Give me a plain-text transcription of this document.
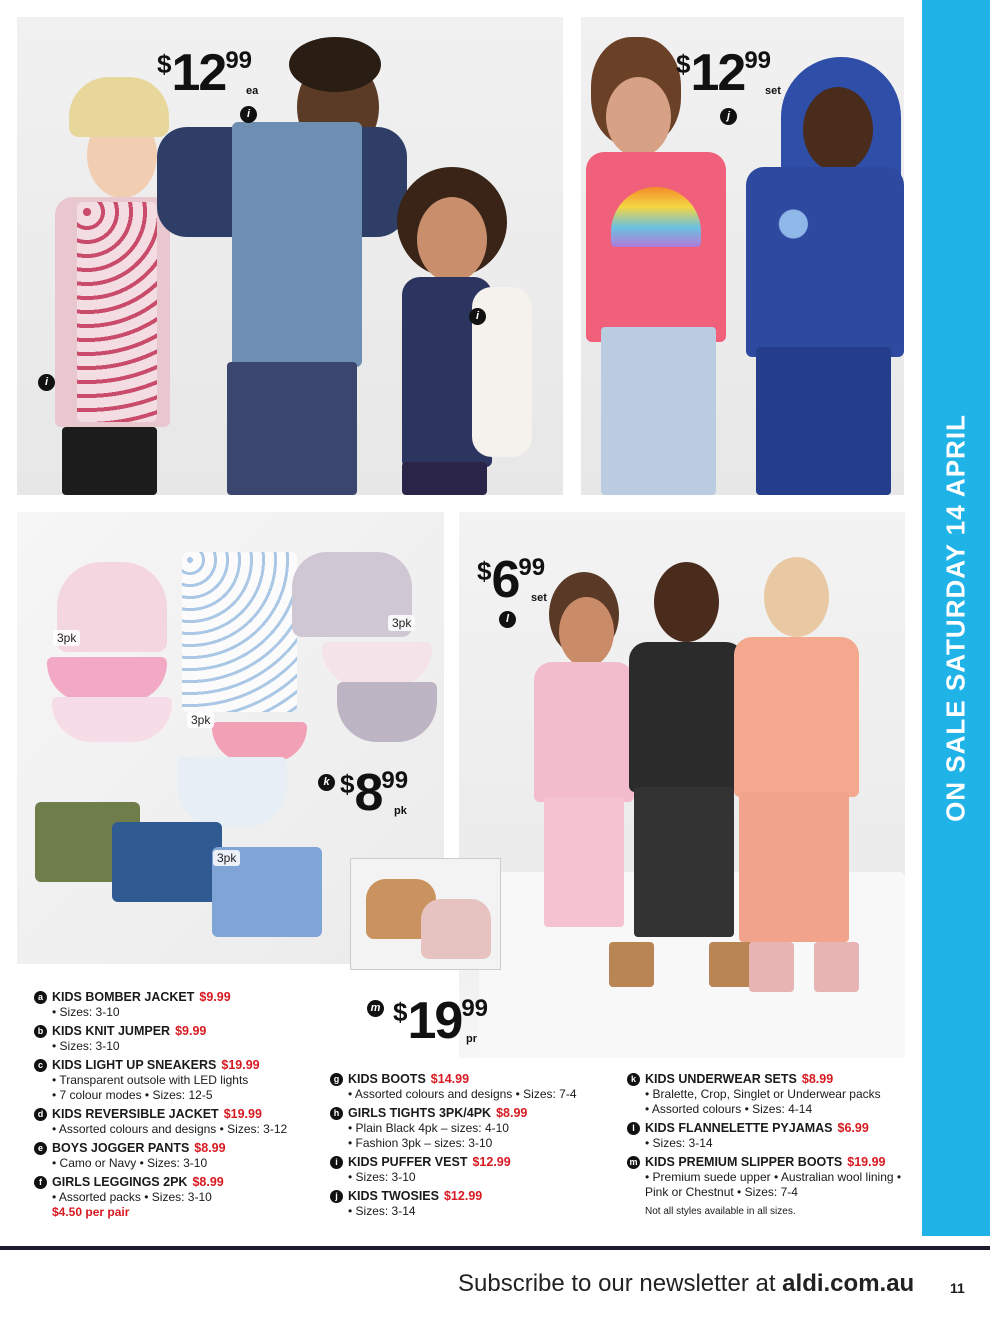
ON SALE SATURDAY 14 APRIL
$1299
ea
i
i
i
$1299
set
j
3pk
3pk
3pk
3pk
k $899
pk
$699
set
l
m $1999
pr
a KIDS BOMBER JACKET $9.99
• Sizes: 3-10
b KIDS KNIT JUMPER $9.99
• Sizes: 3-10
c KIDS LIGHT UP SNEAKERS $19.99
• Transparent outsole with LED lights
• 7 colour modes • Sizes: 12-5
d KIDS REVERSIBLE JACKET $19.99
• Assorted colours and designs • Sizes: 3-12
e BOYS JOGGER PANTS $8.99
• Camo or Navy • Sizes: 3-10
f GIRLS LEGGINGS 2PK $8.99
• Assorted packs • Sizes: 3-10
$4.50 per pair
g KIDS BOOTS $14.99
• Assorted colours and designs • Sizes: 7-4
h GIRLS TIGHTS 3PK/4PK $8.99
• Plain Black 4pk – sizes: 4-10
• Fashion 3pk – sizes: 3-10
i KIDS PUFFER VEST $12.99
• Sizes: 3-10
j KIDS TWOSIES $12.99
• Sizes: 3-14
k KIDS UNDERWEAR SETS $8.99
• Bralette, Crop, Singlet or Underwear packs
• Assorted colours • Sizes: 4-14
l KIDS FLANNELETTE PYJAMAS $6.99
• Sizes: 3-14
m KIDS PREMIUM SLIPPER BOOTS $19.99
• Premium suede upper • Australian wool lining • Pink or Chestnut • Sizes: 7-4
Not all styles available in all sizes.
Subscribe to our newsletter at aldi.com.au	11
